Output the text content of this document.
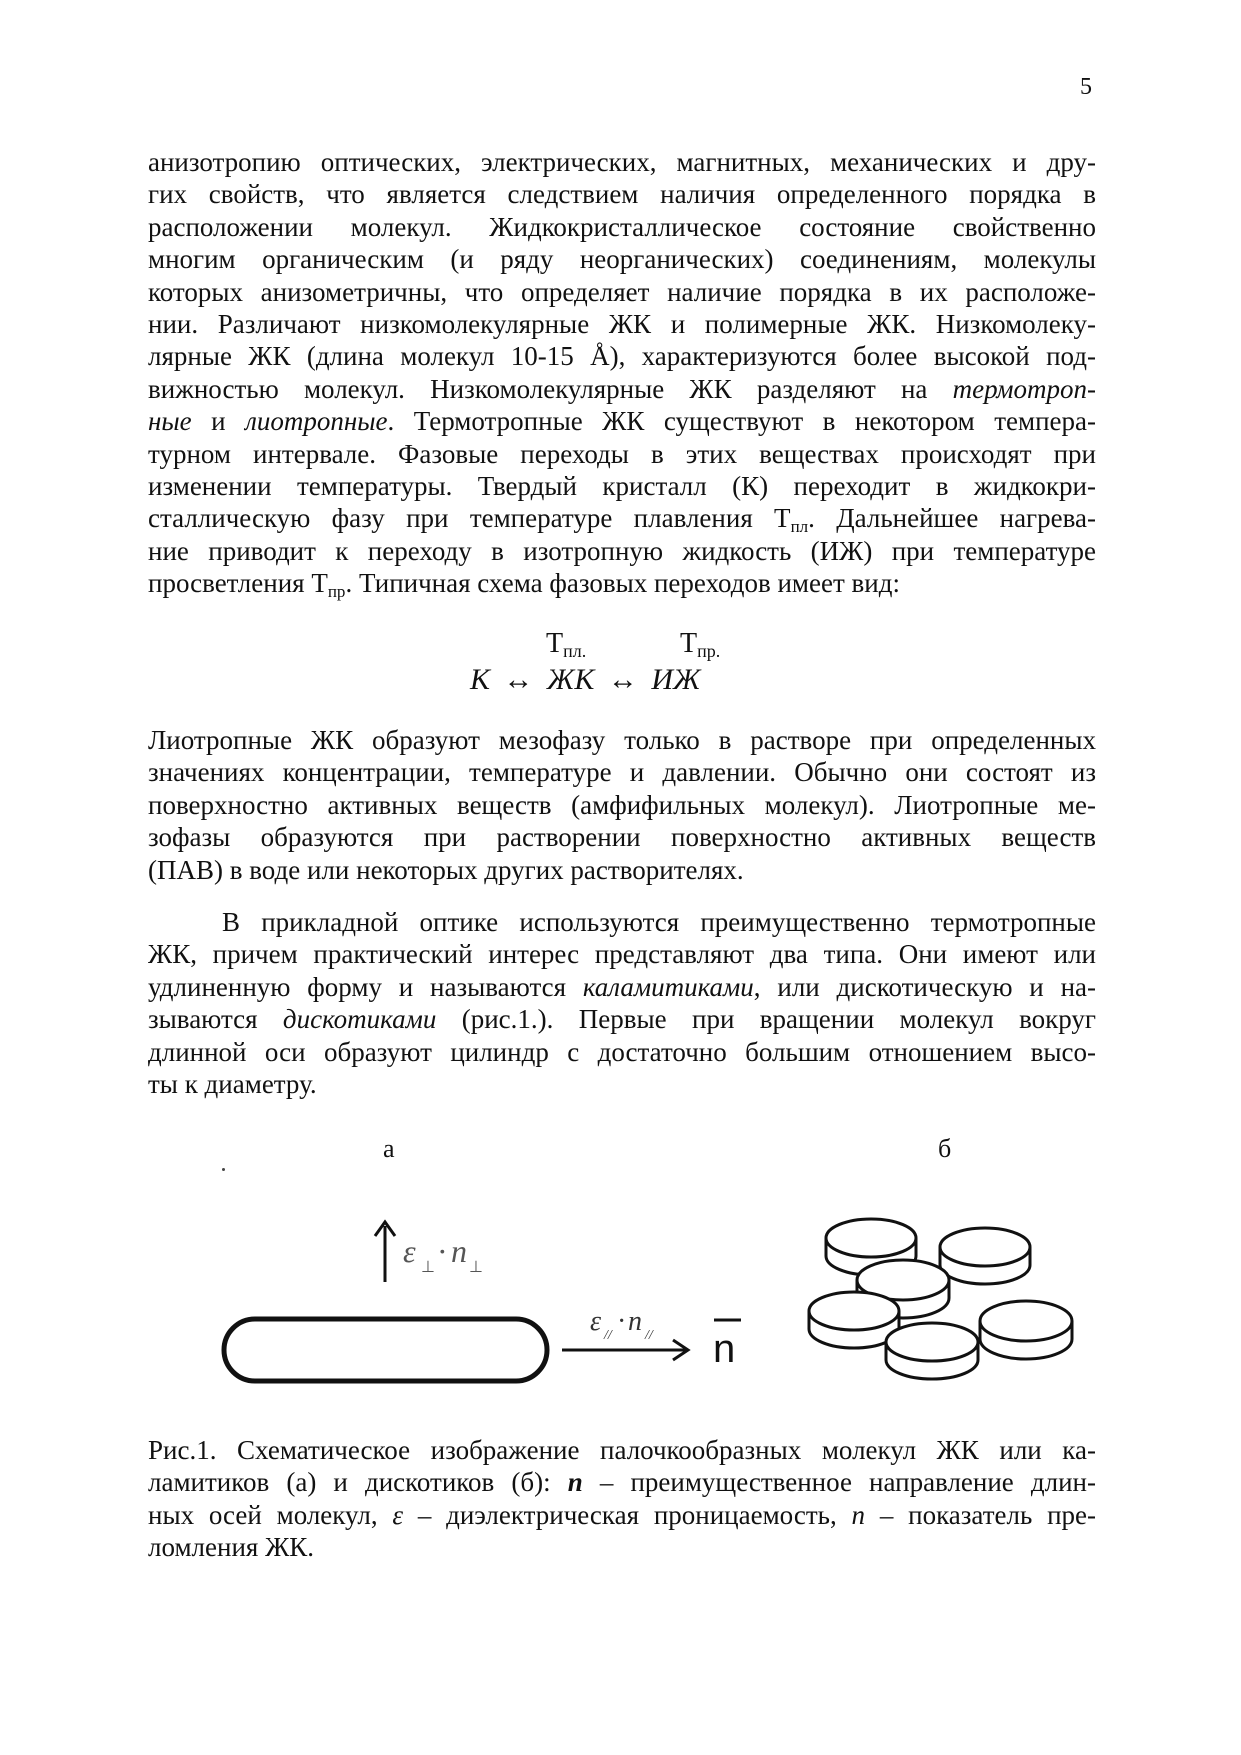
5
анизотропию оптических, электрических, магнитных, механических и дру-
гих свойств, что является следствием наличия определенного порядка в
расположении молекул. Жидкокристаллическое состояние свойственно
многим органическим (и ряду неорганических) соединениям, молекулы
которых анизометричны, что определяет наличие порядка в их расположе-
нии. Различают низкомолекулярные ЖК и полимерные ЖК. Низкомолеку-
лярные ЖК (длина молекул 10-15 Å), характеризуются более высокой под-
вижностью молекул. Низкомолекулярные ЖК разделяют на термотроп-
ные и лиотропные. Термотропные ЖК существуют в некотором темпера-
турном интервале. Фазовые переходы в этих веществах происходят при
изменении температуры. Твердый кристалл (К) переходит в жидкокри-
сталлическую фазу при температуре плавления $Т_{пл}$. Дальнейшее нагрева-
ние приводит к переходу в изотропную жидкость (ИЖ) при температуре
просветления $Т_{пр}$. Типичная схема фазовых переходов имеет вид:
$Т_{пл.}$	$Т_{пр.}$
К ↔ ЖК ↔ ИЖ
Лиотропные ЖК образуют мезофазу только в растворе при определенных
значениях концентрации, температуре и давлении. Обычно они состоят из
поверхностно активных веществ (амфифильных молекул). Лиотропные ме-
зофазы образуются при растворении поверхностно активных веществ
(ПАВ) в воде или некоторых других растворителях.
В прикладной оптике используются преимущественно термотропные
ЖК, причем практический интерес представляют два типа. Они имеют или
удлиненную форму и называются каламитиками, или дискотическую и на-
зываются дискотиками (рис.1.). Первые при вращении молекул вокруг
длинной оси образуют цилиндр с достаточно большим отношением высо-
ты к диаметру.
а	б
ε ⊥ · n ⊥
ε // · n // n
Рис.1. Схематическое изображение палочкообразных молекул ЖК или ка-
ламитиков (а) и дискотиков (б): n – преимущественное направление длин-
ных осей молекул, ε – диэлектрическая проницаемость, n – показатель пре-
ломления ЖК.
